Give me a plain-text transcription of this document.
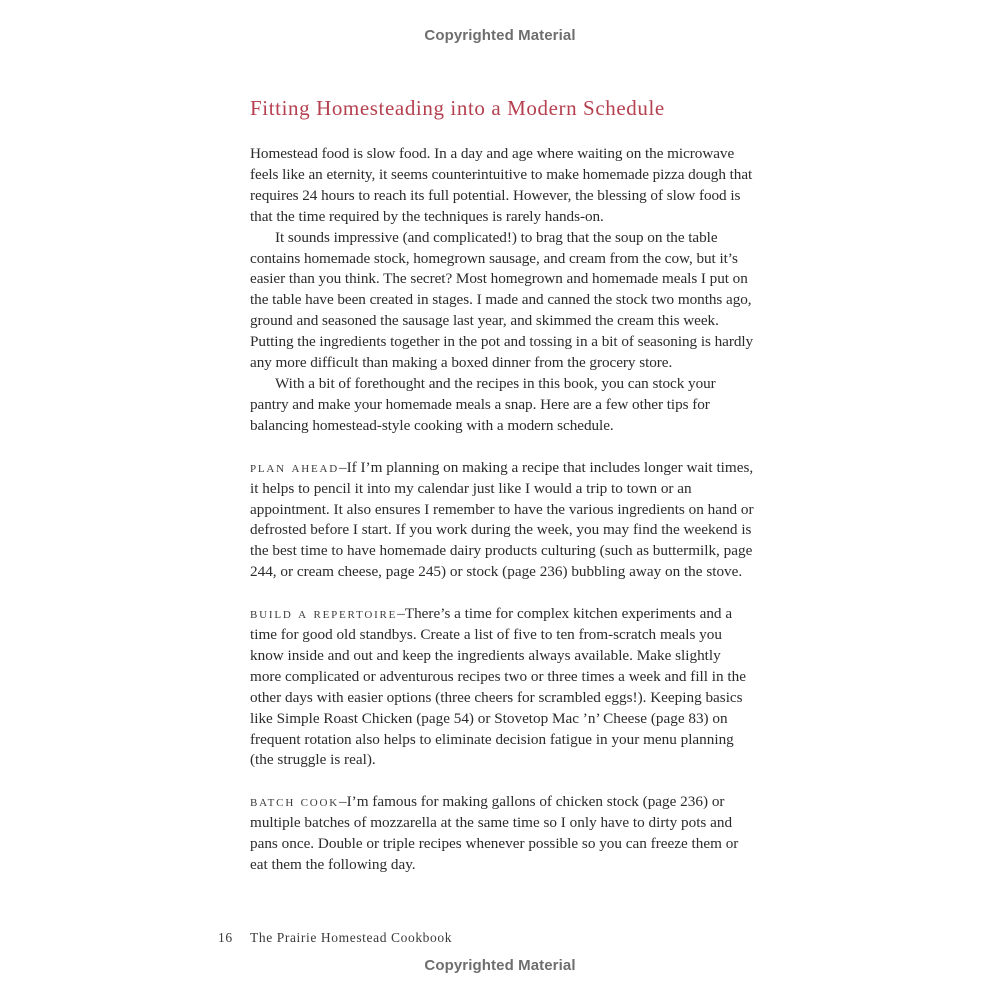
Copyrighted Material
Fitting Homesteading into a Modern Schedule

Homestead food is slow food. In a day and age where waiting on the microwave feels like an eternity, it seems counterintuitive to make homemade pizza dough that requires 24 hours to reach its full potential. However, the blessing of slow food is that the time required by the techniques is rarely hands-on.

It sounds impressive (and complicated!) to brag that the soup on the table contains homemade stock, homegrown sausage, and cream from the cow, but it’s easier than you think. The secret? Most homegrown and homemade meals I put on the table have been created in stages. I made and canned the stock two months ago, ground and seasoned the sausage last year, and skimmed the cream this week. Putting the ingredients together in the pot and tossing in a bit of seasoning is hardly any more difficult than making a boxed dinner from the grocery store.

With a bit of forethought and the recipes in this book, you can stock your pantry and make your homemade meals a snap. Here are a few other tips for balancing homestead-style cooking with a modern schedule.

plan ahead–If I’m planning on making a recipe that includes longer wait times, it helps to pencil it into my calendar just like I would a trip to town or an appointment. It also ensures I remember to have the various ingredients on hand or defrosted before I start. If you work during the week, you may find the weekend is the best time to have homemade dairy products culturing (such as buttermilk, page 244, or cream cheese, page 245) or stock (page 236) bubbling away on the stove.

build a repertoire–There’s a time for complex kitchen experiments and a time for good old standbys. Create a list of five to ten from-scratch meals you know inside and out and keep the ingredients always available. Make slightly more complicated or adventurous recipes two or three times a week and fill in the other days with easier options (three cheers for scrambled eggs!). Keeping basics like Simple Roast Chicken (page 54) or Stovetop Mac ’n’ Cheese (page 83) on frequent rotation also helps to eliminate decision fatigue in your menu planning (the struggle is real).

batch cook–I’m famous for making gallons of chicken stock (page 236) or multiple batches of mozzarella at the same time so I only have to dirty pots and pans once. Double or triple recipes whenever possible so you can freeze them or eat them the following day.

16 The Prairie Homestead Cookbook
Copyrighted Material
